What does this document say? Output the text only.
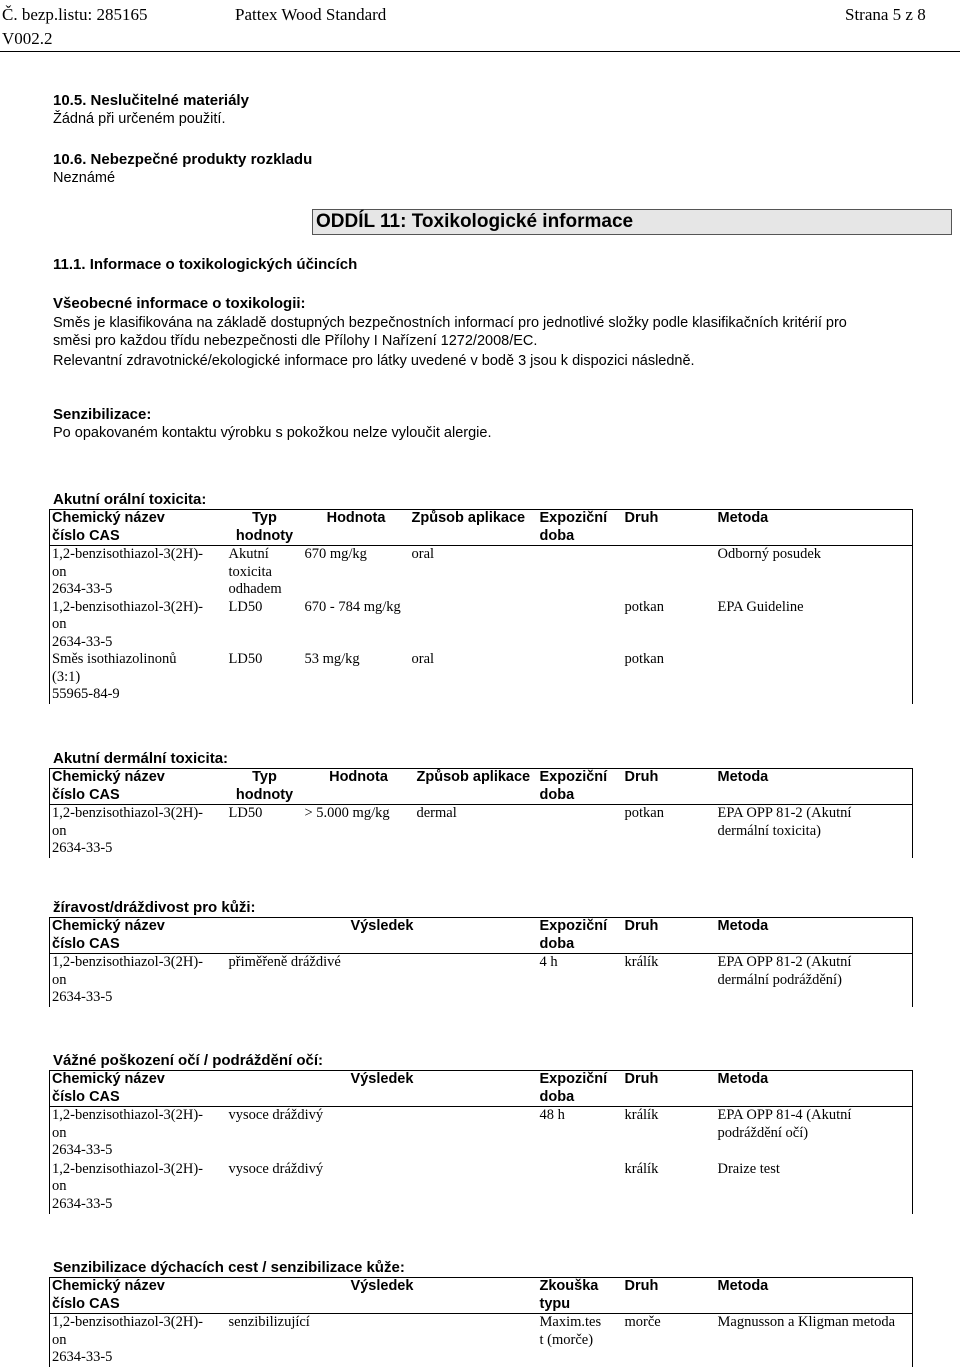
Č. bezp.listu: 285165	Pattex Wood Standard	Strana 5 z 8
V002.2
10.5. Neslučitelné materiály
Žádná při určeném použití.
10.6. Nebezpečné produkty rozkladu
Neznámé
ODDÍL 11: Toxikologické informace
11.1. Informace o toxikologických účincích
Všeobecné informace o toxikologii:
Směs je klasifikována na základě dostupných bezpečnostních informací pro jednotlivé složky podle klasifikačních kritérií pro
směsi pro každou třídu nebezpečnosti dle Přílohy I Nařízení 1272/2008/EC.
Relevantní zdravotnické/ekologické informace pro látky uvedené v bodě 3 jsou k dispozici následně.
Senzibilizace:
Po opakovaném kontaktu výrobku s pokožkou nelze vyloučit alergie.
Akutní orální toxicita:
Chemický název
číslo CAS	Typ
hodnoty	Hodnota	Způsob aplikace	Expoziční
doba	Druh	Metoda

1,2-benzisothiazol-3(2H)-
on
2634-33-5	Akutní
toxicita
odhadem	670 mg/kg	oral			Odborný posudek

1,2-benzisothiazol-3(2H)-
on
2634-33-5	LD50	670 - 784 mg/kg			potkan	EPA Guideline

Směs isothiazolinonů
(3:1)
55965-84-9	LD50	53 mg/kg	oral		potkan	
Akutní dermální toxicita:
Chemický název
číslo CAS	Typ
hodnoty	Hodnota	Způsob aplikace	Expoziční
doba	Druh	Metoda

1,2-benzisothiazol-3(2H)-
on
2634-33-5	LD50	> 5.000 mg/kg	dermal		potkan	EPA OPP 81-2 (Akutní
dermální toxicita)
žíravost/dráždivost pro kůži:
Chemický název
číslo CAS	Výsledek	Expoziční
doba	Druh	Metoda

1,2-benzisothiazol-3(2H)-
on
2634-33-5	přiměřeně dráždivé	4 h	králík	EPA OPP 81-2 (Akutní
dermální podráždění)
Vážné poškození očí / podráždění očí:
Chemický název
číslo CAS	Výsledek	Expoziční
doba	Druh	Metoda

1,2-benzisothiazol-3(2H)-
on
2634-33-5	vysoce dráždivý	48 h	králík	EPA OPP 81-4 (Akutní
podráždění očí)

1,2-benzisothiazol-3(2H)-
on
2634-33-5	vysoce dráždivý		králík	Draize test
Senzibilizace dýchacích cest / senzibilizace kůže:
Chemický název
číslo CAS	Výsledek	Zkouška
typu	Druh	Metoda

1,2-benzisothiazol-3(2H)-
on
2634-33-5	senzibilizující	Maxim.tes
t (morče)	morče	Magnusson a Kligman metoda
